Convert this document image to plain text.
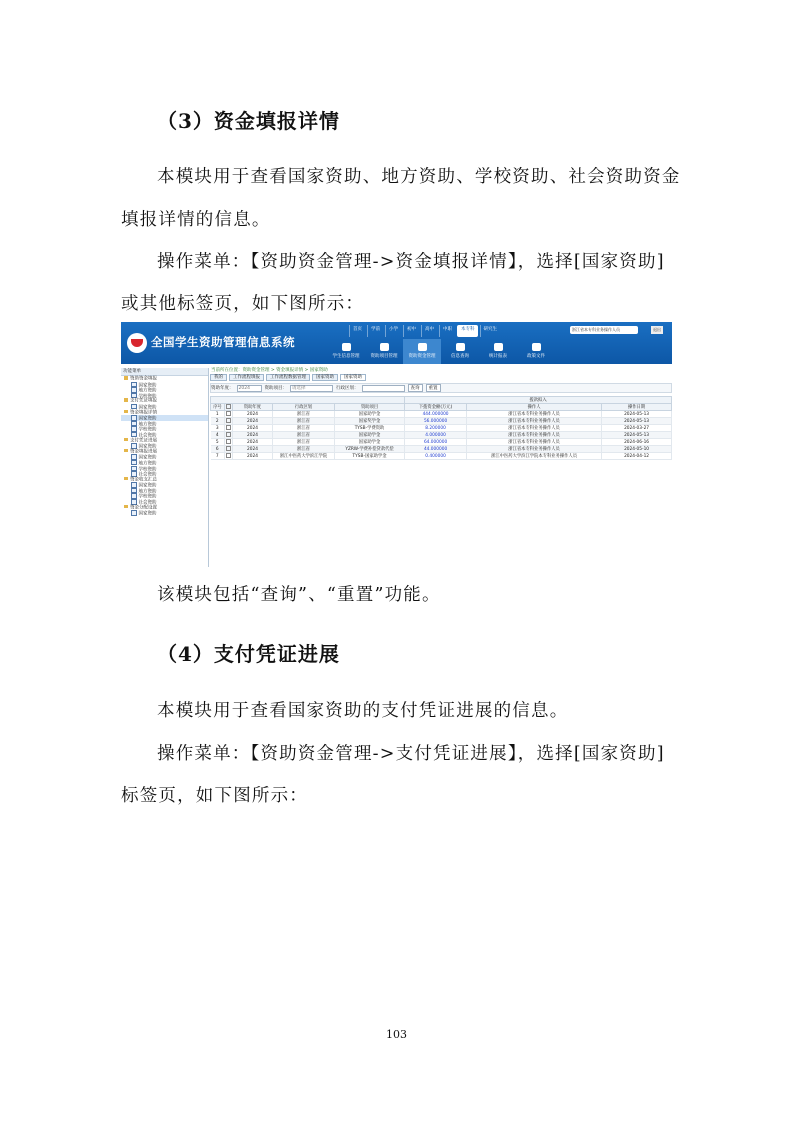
（3）资金填报详情
本模块用于查看国家资助、地方资助、学校资助、社会资助资金
填报详情的信息。
操作菜单：【资助资金管理->资金填报详情】，选择[国家资助]
或其他标签页，如下图所示：
全国学生资助管理信息系统
首页	学前	小学	初中	高中	中职	本专科	研究生	浙江省本专科业务操作人员	退出
学生信息管理	资助项目管理	资助资金管理	信息查询	统计报表	政策文件
功能菜单
资助资金填报
国家资助
地方资助
学校资助
支付凭证填报
国家资助
资金填报详情
国家资助
地方资助
学校资助
社会资助
支付凭证进展
国家资助
资金填报进展
国家资助
地方资助
学校资助
社会资助
资金收支汇总
国家资助
地方资助
学校资助
社会资助
资金分配设置
国家资助
当前所在位置：资助资金管理 > 资金填报详情 > 国家资助
我的	工作流程填报	工作流程数据管理	国家资助	国家资助
资助年度：	2024	资助项目：	请选择	行政区划：	查询	重置
					拨款拟入		
序号		资助年度	行政区划	资助项目	下拨资金额(万元)	操作人	操作日期
1		2024	浙江省	国家助学金	444.000000	浙江省本专科业务操作人员	2024-05-13
2		2024	浙江省	国家奖学金	56.000000	浙江省本专科业务操作人员	2024-05-13
3		2024	浙江省	TYSB-学费资助	8.200000	浙江省本专科业务操作人员	2024-03-27
4		2024	浙江省	国家助学金	4.000000	浙江省本专科业务操作人员	2024-05-13
5		2024	浙江省	国家助学金	64.000000	浙江省本专科业务操作人员	2024-06-16
6		2024	浙江省	YZRW-学费补偿贷款代偿	44.000000	浙江省本专科业务操作人员	2024-05-10
7		2024	浙江中医药大学滨江学院	TYSB-国家助学金	0.400000	浙江中医药大学滨江学院本专科业务操作人员	2024-04-12
该模块包括“查询”、“重置”功能。
（4）支付凭证进展
本模块用于查看国家资助的支付凭证进展的信息。
操作菜单：【资助资金管理->支付凭证进展】，选择[国家资助]
标签页，如下图所示：
103
